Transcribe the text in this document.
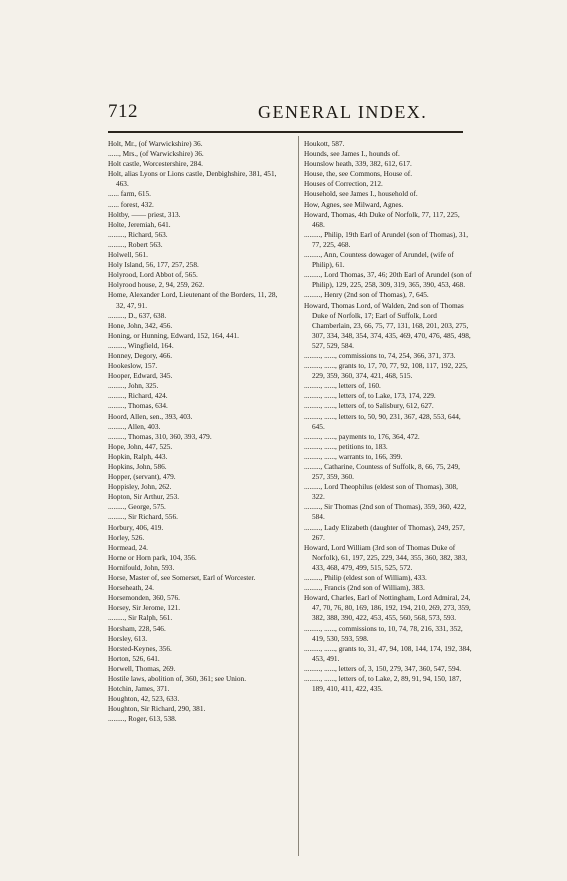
712	GENERAL INDEX.
Holt, Mr., (of Warwickshire) 36.
......, Mrs., (of Warwickshire) 36.
Holt castle, Worcestershire, 284.
Holt, alias Lyons or Lions castle, Denbighshire, 381, 451, 463.
...... farm, 615.
...... forest, 432.
Holtby, —— priest, 313.
Holte, Jeremiah, 641.
........., Richard, 563.
........., Robert 563.
Holwell, 561.
Holy Island, 56, 177, 257, 258.
Holyrood, Lord Abbot of, 565.
Holyrood house, 2, 94, 259, 262.
Home, Alexander Lord, Lieutenant of the Borders, 11, 28, 32, 47, 91.
........., D., 637, 638.
Hone, John, 342, 456.
Honing, or Hunning, Edward, 152, 164, 441.
........., Wingfield, 164.
Honney, Degory, 466.
Hookeslow, 157.
Hooper, Edward, 345.
........., John, 325.
........., Richard, 424.
........., Thomas, 634.
Hoord, Allen, sen., 393, 403.
........., Allen, 403.
........., Thomas, 310, 360, 393, 479.
Hope, John, 447, 525.
Hopkin, Ralph, 443.
Hopkins, John, 586.
Hopper, (servant), 479.
Hoppisley, John, 262.
Hopton, Sir Arthur, 253.
........., George, 575.
........., Sir Richard, 556.
Horbury, 406, 419.
Horley, 526.
Hormead, 24.
Horne or Horn park, 104, 356.
Hornifould, John, 593.
Horse, Master of, see Somerset, Earl of Worcester.
Horseheath, 24.
Horsemonden, 360, 576.
Horsey, Sir Jerome, 121.
........., Sir Ralph, 561.
Horsham, 228, 546.
Horsley, 613.
Horsted-Keynes, 356.
Horton, 526, 641.
Horwell, Thomas, 269.
Hostile laws, abolition of, 360, 361; see Union.
Hotchin, James, 371.
Houghton, 42, 523, 633.
Houghton, Sir Richard, 290, 381.
........., Roger, 613, 538.
Houkott, 587.
Hounds, see James I., hounds of.
Hounslow heath, 339, 382, 612, 617.
House, the, see Commons, House of.
Houses of Correction, 212.
Household, see James I., household of.
How, Agnes, see Milward, Agnes.
Howard, Thomas, 4th Duke of Norfolk, 77, 117, 225, 468.
........., Philip, 19th Earl of Arundel (son of Thomas), 31, 77, 225, 468.
........., Ann, Countess dowager of Arundel, (wife of Philip), 61.
........., Lord Thomas, 37, 46; 20th Earl of Arundel (son of Philip), 129, 225, 258, 309, 319, 365, 390, 453, 468.
........., Henry (2nd son of Thomas), 7, 645.
Howard, Thomas Lord, of Walden, 2nd son of Thomas Duke of Norfolk, 17; Earl of Suffolk, Lord Chamberlain, 23, 66, 75, 77, 131, 168, 201, 203, 275, 307, 334, 348, 354, 374, 435, 469, 470, 476, 485, 498, 527, 529, 584.
........., ......, commissions to, 74, 254, 366, 371, 373.
........., ......, grants to, 17, 70, 77, 92, 108, 117, 192, 225, 229, 359, 360, 374, 421, 468, 515.
........., ......, letters of, 160.
........., ......, letters of, to Lake, 173, 174, 229.
........., ......, letters of, to Salisbury, 612, 627.
........., ......, letters to, 50, 90, 231, 367, 428, 553, 644, 645.
........., ......, payments to, 176, 364, 472.
........., ......, petitions to, 183.
........., ......, warrants to, 166, 399.
........., Catharine, Countess of Suffolk, 8, 66, 75, 249, 257, 359, 360.
........., Lord Theophilus (eldest son of Thomas), 308, 322.
........., Sir Thomas (2nd son of Thomas), 359, 360, 422, 584.
........., Lady Elizabeth (daughter of Thomas), 249, 257, 267.
Howard, Lord William (3rd son of Thomas Duke of Norfolk), 61, 197, 225, 229, 344, 355, 360, 382, 383, 433, 468, 479, 499, 515, 525, 572.
........., Philip (eldest son of William), 433.
........., Francis (2nd son of William), 383.
Howard, Charles, Earl of Nottingham, Lord Admiral, 24, 47, 70, 76, 80, 169, 186, 192, 194, 210, 269, 273, 359, 382, 388, 390, 422, 453, 455, 560, 568, 573, 593.
........., ......, commissions to, 10, 74, 78, 216, 331, 352, 419, 530, 593, 598.
........., ......, grants to, 31, 47, 94, 108, 144, 174, 192, 384, 453, 491.
........., ......, letters of, 3, 150, 279, 347, 360, 547, 594.
........., ......, letters of, to Lake, 2, 89, 91, 94, 150, 187, 189, 410, 411, 422, 435.
